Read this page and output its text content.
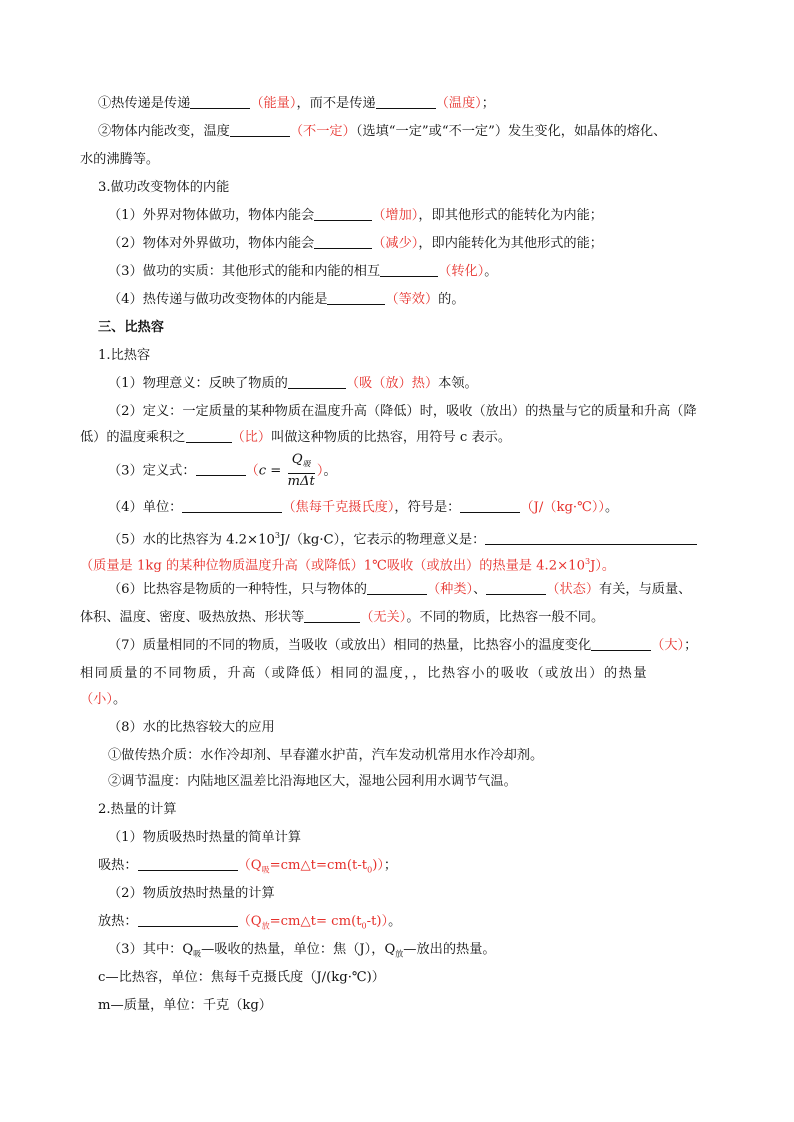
①热传递是传递	（能量），而不是传递	（温度）；
②物体内能改变，温度	（不一定）（选填“一定”或“不一定”）发生变化，如晶体的熔化、
水的沸腾等。
3.做功改变物体的内能
（1）外界对物体做功，物体内能会	（增加），即其他形式的能转化为内能；
（2）物体对外界做功，物体内能会	（减少），即内能转化为其他形式的能；
（3）做功的实质：其他形式的能和内能的相互	（转化）。
（4）热传递与做功改变物体的内能是	（等效）的。
三、比热容
1.比热容
（1）物理意义：反映了物质的	（吸（放）热）本领。
（2）定义：一定质量的某种物质在温度升高（降低）时，吸收（放出）的热量与它的质量和升高（降
低）的温度乘积之	（比）叫做这种物质的比热容，用符号 c 表示。
（3）定义式：	（$c = \frac{Q_吸}{\text{mΔt}}$ ）。
（4）单位：	（焦每千克摄氏度），符号是：	（J/（kg·℃））。
（5）水的比热容为 $4.2\times 10^3J/(kg\cdot C)$，它表示的物理意义是：
（质量是 1kg 的某种位物质温度升高（或降低）1℃吸收（或放出）的热量是 $4.2\times 10^3J$）。
（6）比热容是物质的一种特性，只与物体的	（种类）、	（状态）有关，与质量、
体积、温度、密度、吸热放热、形状等	（无关）。不同的物质，比热容一般不同。
（7）质量相同的不同的物质，当吸收（或放出）相同的热量，比热容小的温度变化	（大）；
相同质量的不同物质，升高（或降低）相同的温度，，比热容小的吸收（或放出）的热量
（小）。
（8）水的比热容较大的应用
①做传热介质：水作冷却剂、早春灌水护苗，汽车发动机常用水作冷却剂。
②调节温度：内陆地区温差比沿海地区大，湿地公园利用水调节气温。
2.热量的计算
（1）物质吸热时热量的简单计算
吸热：	$(Q_吸=cm\triangle t=cm(t-t_0))$；
（2）物质放热时热量的计算
放热：	$(Q_放=cm\triangle t= cm(t_0-t))$。
（3）其中：$Q_吸—$吸收的热量，单位：焦（J），$Q_放—$放出的热量。
c—比热容，单位：焦每千克摄氏度（J/(kg·℃)）
m—质量，单位：千克（kg）
